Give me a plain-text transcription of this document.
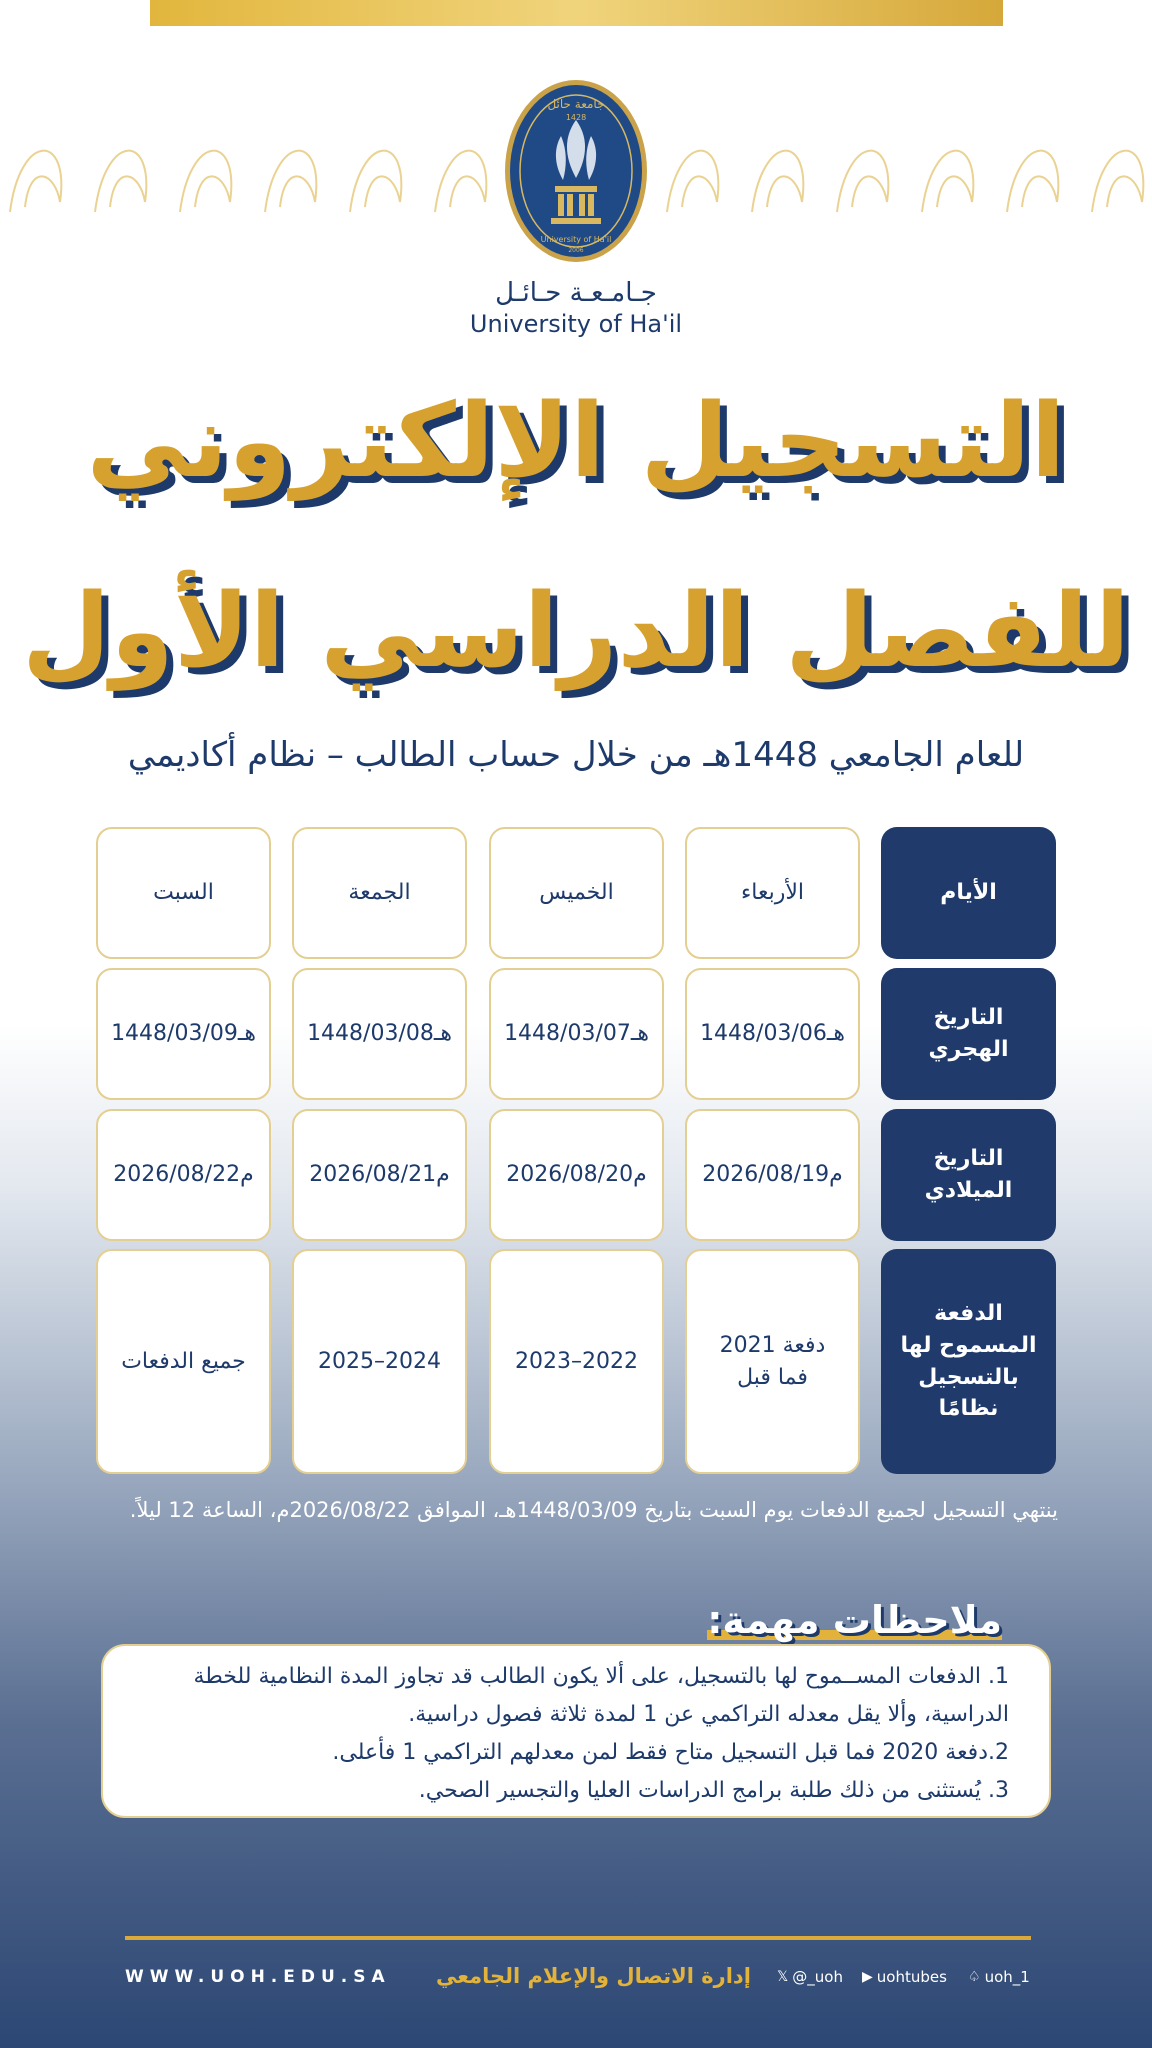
جامعة حائل
1428
University of Ha'il
2006
جـامـعـة حـائـل
University of Ha'il
التسجيل الإلكتروني
للفصل الدراسي الأول
للعام الجامعي 1448هـ من خلال حساب الطالب – نظام أكاديمي
الأيام
الأربعاء
الخميس
الجمعة
السبت
التاريخ الهجري
1448/03/06هـ
1448/03/07هـ
1448/03/08هـ
1448/03/09هـ
التاريخ الميلادي
2026/08/19م
2026/08/20م
2026/08/21م
2026/08/22م
الدفعة المسموح لها بالتسجيل نظامًا
دفعة 2021
فما قبل
2023–2022
2025–2024
جميع الدفعات
ينتهي التسجيل لجميع الدفعات يوم السبت بتاريخ 1448/03/09هـ، الموافق 2026/08/22م، الساعة 12 ليلاً.
ملاحظات مهمة:
1. الدفعات المســموح لها بالتسجيل، على ألا يكون الطالب قد تجاوز المدة النظامية للخطة
الدراسية، وألا يقل معدله التراكمي عن 1 لمدة ثلاثة فصول دراسية.
2.دفعة 2020 فما قبل التسجيل متاح فقط لمن معدلهم التراكمي 1 فأعلى.
3. يُستثنى من ذلك طلبة برامج الدراسات العليا والتجسير الصحي.
WWW.UOH.EDU.SA إدارة الاتصال والإعلام الجامعي 𝕏 @_uoh ▶ uohtubes ♤ uoh_1
